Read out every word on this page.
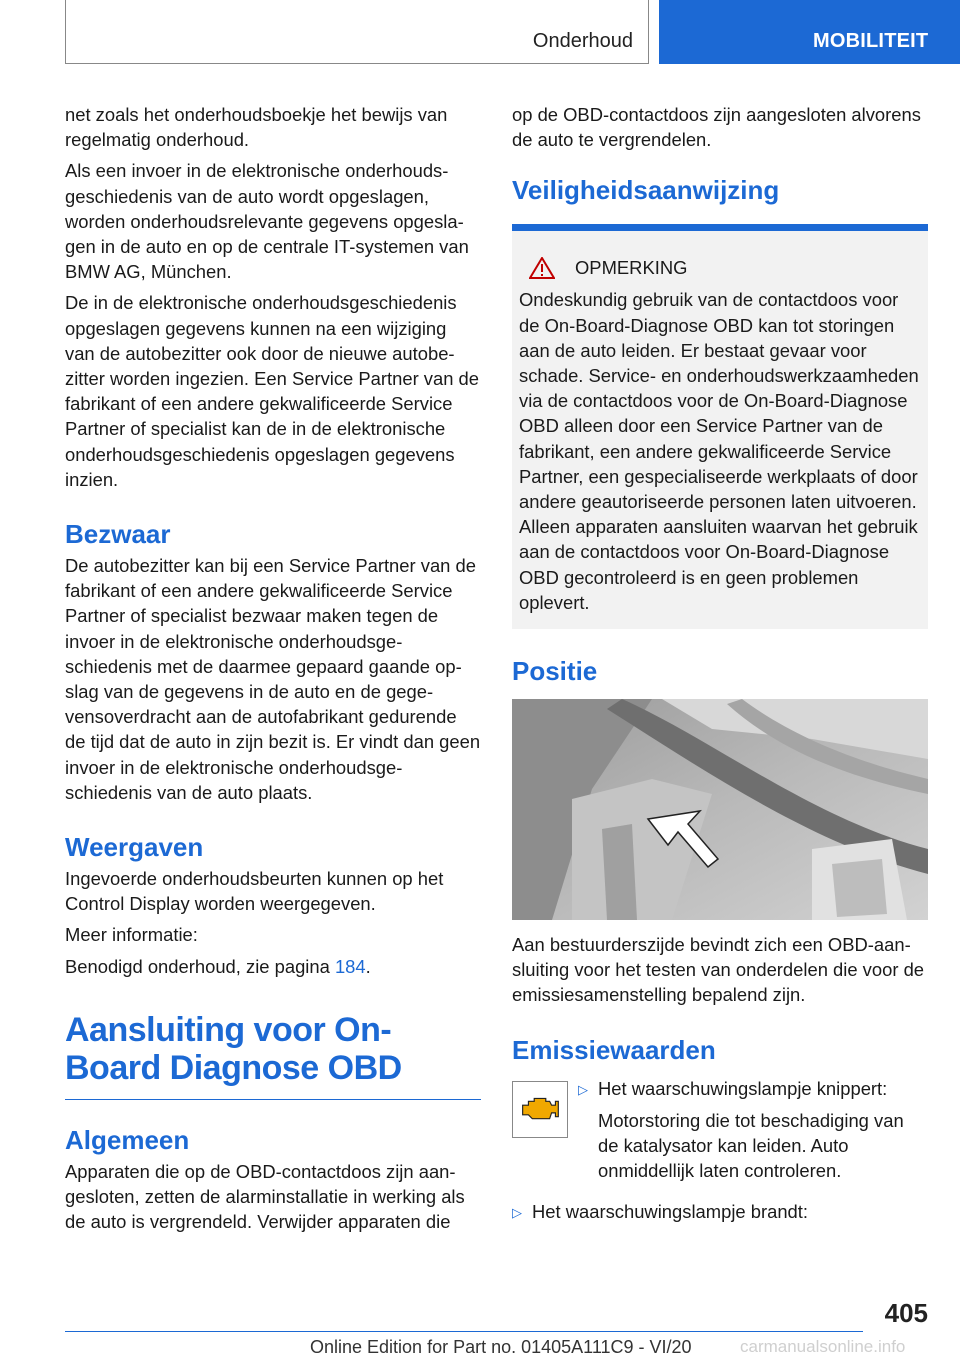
Onderhoud	MOBILITEIT

net zoals het onderhoudsboekje het bewijs van regelmatig onderhoud.

Als een invoer in de elektronische onderhoudsgeschiedenis van de auto wordt opgeslagen, worden onderhoudsrelevante gegevens opgeslagen in de auto en op de centrale IT-systemen van BMW AG, München.

De in de elektronische onderhoudsgeschiedenis opgeslagen gegevens kunnen na een wijziging van de autobezitter ook door de nieuwe autobezitter worden ingezien. Een Service Partner van de fabrikant of een andere gekwalificeerde Service Partner of specialist kan de in de elektronische onderhoudsgeschiedenis opgeslagen gegevens inzien.

Bezwaar

De autobezitter kan bij een Service Partner van de fabrikant of een andere gekwalificeerde Service Partner of specialist bezwaar maken tegen de invoer in de elektronische onderhoudsgeschiedenis met de daarmee gepaard gaande opslag van de gegevens in de auto en de gegevensoverdracht aan de autofabrikant gedurende de tijd dat de auto in zijn bezit is. Er vindt dan geen invoer in de elektronische onderhoudsgeschiedenis van de auto plaats.

Weergaven

Ingevoerde onderhoudsbeurten kunnen op het Control Display worden weergegeven.

Meer informatie:

Benodigd onderhoud, zie pagina 184.

Aansluiting voor On-Board Diagnose OBD
Algemeen

Apparaten die op de OBD-contactdoos zijn aangesloten, zetten de alarminstallatie in werking als de auto is vergrendeld. Verwijder apparaten die

op de OBD-contactdoos zijn aangesloten alvorens de auto te vergrendelen.

Veiligheidsaanwijzing
OPMERKING

Ondeskundig gebruik van de contactdoos voor de On-Board-Diagnose OBD kan tot storingen aan de auto leiden. Er bestaat gevaar voor schade. Service- en onderhoudswerkzaamheden via de contactdoos voor de On-Board-Diagnose OBD alleen door een Service Partner van de fabrikant, een andere gekwalificeerde Service Partner, een gespecialiseerde werkplaats of door andere geautoriseerde personen laten uitvoeren. Alleen apparaten aansluiten waarvan het gebruik aan de contactdoos voor On-Board-Diagnose OBD gecontroleerd is en geen problemen oplevert.

Positie

Aan bestuurderszijde bevindt zich een OBD-aansluiting voor het testen van onderdelen die voor de emissiesamenstelling bepalend zijn.

Emissiewaarden
▷ Het waarschuwingslampje knippert:

Motorstoring die tot beschadiging van de katalysator kan leiden. Auto onmiddellijk laten controleren.

▷ Het waarschuwingslampje brandt:
405
Online Edition for Part no. 01405A111C9 - VI/20	carmanualsonline.info
